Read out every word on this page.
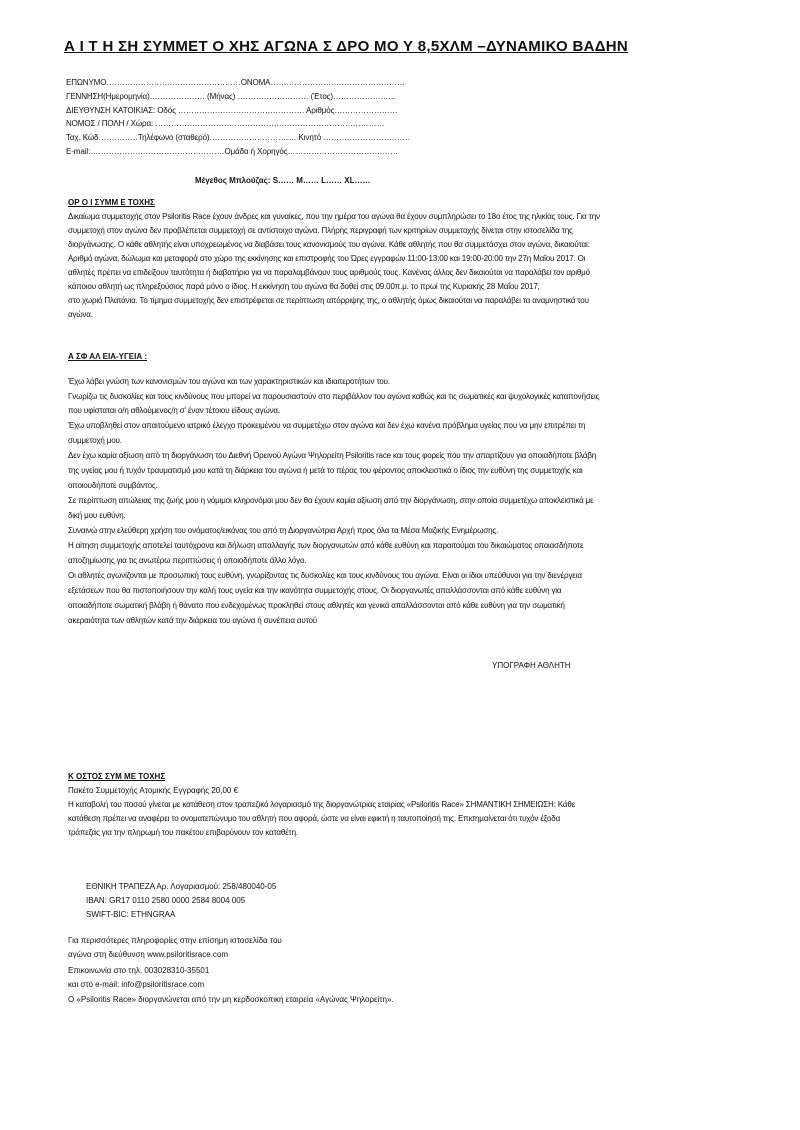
Α Ι Τ Η ΣΗ ΣΥΜΜΕΤ Ο ΧΗΣ ΑΓΩΝΑ Σ ΔΡΟ ΜΟ Υ 8,5ΧΛΜ –ΔΥΝΑΜΙΚΟ ΒΑΔΗΝ
ΕΠΩΝΥΜΟ……………………………………………ΟΝΟΜΑ……………………………………………
ΓΕΝΝΗΣΗ(Ημερομηνία)………………… (Μήνας) ……………………… (Έτος)……………………
ΔΙΕΥΘΥΝΣΗ ΚΑΤΟΙΚΙΑΣ: Οδός ………………………………………… Αριθμός……………………
ΝΟΜΟΣ / ΠΟΛΗ / Χώρα: ……………………………………………………………………………
Ταχ. Κώδ……………Τηλέφωνο (σταθερό)…………………………… Κινητό ……………………………
E-mail:……………………………………………Ομάδα ή Χορηγός……………………………………
Μέγεθος Μπλούζας: S…… M…… L…… XL……
ΟΡ Ο Ι ΣΥΜΜ Ε ΤΟΧΗΣ
Δικαίωμα συμμετοχής στον Psiloritis Race έχουν άνδρες και γυναίκες, που την ημέρα του αγώνα θα έχουν συμπληρώσει το 18ο έτος της ηλικίας τους. Για την
συμμετοχή στον αγώνα δεν προβλέπεται συμμετοχή σε αντίστοιχο αγώνα. Πλήρης περιγραφή των κριτηρίων συμμετοχής δίνεται στην ιστοσελίδα της
διοργάνωσης. Ο κάθε αθλητής είναι υποχρεωμένος να διαβάσει τους κανονισμούς του αγώνα. Κάθε αθλητής που θα συμμετάσχει στον αγώνα, δικαιούται:
Αριθμό αγώνα, δώλωμα και μεταφορά στο χώρο της εκκίνησης και επιστροφής του Ώρες εγγραφών 11:00-13:00 και 19:00-20:00 την 27η Μαΐου 2017. Οι
αθλητές πρέπει να επιδείξουν ταυτότητα ή διαβατήριο για να παραλαμβάνουν τους αριθμούς τους. Κανένας άλλος δεν δικαιούται να παραλάβει τον αριθμό
κάποιου αθλητή ως πληρεξούσιος παρά μόνο ο ίδιος. Η εκκίνηση του αγώνα θα δοθεί στις 09.00π.μ. το πρωί της Κυριακής 28 Μαΐου 2017,
στο χωριό Πλατάνια. Το τίμημα συμμετοχής δεν επιστρέφεται σε περίπτωση απόρριψης της, ο αθλητής όμως δικαιούται να παραλάβει τα αναμνηστικά του
αγώνα.
Α ΣΦ ΑΛ ΕΙΑ-ΥΓΕΙΑ :
Έχω λάβει γνώση των κανονισμών του αγώνα και των χαρακτηριστικών και ιδιαιτεροτήτων του.
Γνωρίζω τις δυσκολίες και τους κινδύνους που μπορεί να παρουσιαστούν στο περιβάλλον του αγώνα καθώς και τις σωματικές και ψυχολογικές καταπονήσεις
που υφίσταται ο/η αθλούμενος/η σ' έναν τέτοιου είδους αγώνα.
Έχω υποβληθεί στον απαιτούμενο ιατρικό έλεγχο προκειμένου να συμμετέχω στον αγώνα και δεν έχω κανένα πρόβλημα υγείας που να μην επιτρέπει τη
συμμετοχή μου.
Δεν έχω καμία αξίωση από τη διοργάνωση του Διεθνή Ορεινού Αγώνα Ψηλορείτη Psiloritis race και τους φορείς που την απαρτίζουν για οποιαδήποτε βλάβη
της υγείας μου ή τυχόν τραυματισμό μου κατά τη διάρκεια του αγώνα ή μετά το πέρας του φέροντος αποκλειστικά ο ίδιος την ευθύνη της συμμετοχής και
οποιουδήποτε συμβάντος.
Σε περίπτωση απώλειας της ζωής μου η νόμιμοι κληρονόμοι μου δεν θα έχουν καμία αξίωση από την διοργάνωση, στην οποία συμμετέχω αποκλειστικά με
δική μου ευθύνη.
Συναινώ στην ελεύθερη χρήση του ονόματος/εικόνας του από τη Διοργανώτρια Αρχή προς όλα τα Μέσα Μαζικής Ενημέρωσης.
Η αίτηση συμμετοχής αποτελεί ταυτόχρονα και δήλωση απαλλαγής των διοργανωτών από κάθε ευθύνη και παραιτούμαι του δικαιώματος οποιασδήποτε
αποζημίωσης για τις ανωτέρω περιπτώσεις ή οποιοδήποτε άλλο λόγο.
Οι αθλητές αγωνίζονται με προσωπική τους ευθύνη, γνωρίζοντας τις δυσκολίες και τους κινδύνους του αγώνα. Είναι οι ίδιοι υπεύθυνοι για την διενέργεια
εξετάσεων που θα πιστοποιήσουν την καλή τους υγεία και την ικανότητα συμμετοχής στους. Οι διοργανωτές απαλλάσσονται από κάθε ευθύνη για
οποιαδήποτε σωματική βλάβη ή θάνατο που ενδεχομένως προκληθεί στους αθλητές και γενικά απαλλάσσονται από κάθε ευθύνη για την σωματική
ακεραιότητα των αθλητών κατά την διάρκεια του αγώνα ή συνέπεια αυτού
ΥΠΟΓΡΑΦΗ ΑΘΛΗΤΗ
Κ ΟΣΤΟΣ ΣΥΜ ΜΕ ΤΟΧΗΣ
Πακέτο Συμμετοχής Ατομικής Εγγραφής 20,00 €
Η καταβολή του ποσού γίνεται με κατάθεση στον τραπεζικό λογαριασμό της διοργανώτριας εταιρίας «Psiloritis Race» ΣΗΜΑΝΤΙΚΗ ΣΗΜΕΙΩΣΗ: Κάθε
κατάθεση πρέπει να αναφέρει το ονοματεπώνυμο του αθλητή που αφορά, ώστε να είναι εφικτή η ταυτοποίησή της. Επισημαίνεται ότι τυχόν έξοδα
τράπεζας για την πληρωμή του πακέτου επιβαρύνουν τον καταθέτη.
ΕΘΝΙΚΗ ΤΡΑΠΕΖΑ Αρ. Λογαριασμού: 258/480040-05
IBAN: GR17 0110 2580 0000 2584 8004 005
SWIFT-BIC: ETHNGRAA
Για περισσότερες πληροφορίες στην επίσημη ιστοσελίδα του
αγώνα στη διεύθυνση www.psiloritisrace.com
Επικοινωνία στο τηλ. 003028310-35501
και στο e-mail: info@psiloritisrace.com
Ο «Psiloritis Race» διοργανώνεται από την μη κερδοσκοπική εταιρεία «Αγώνας Ψηλορείτη».
